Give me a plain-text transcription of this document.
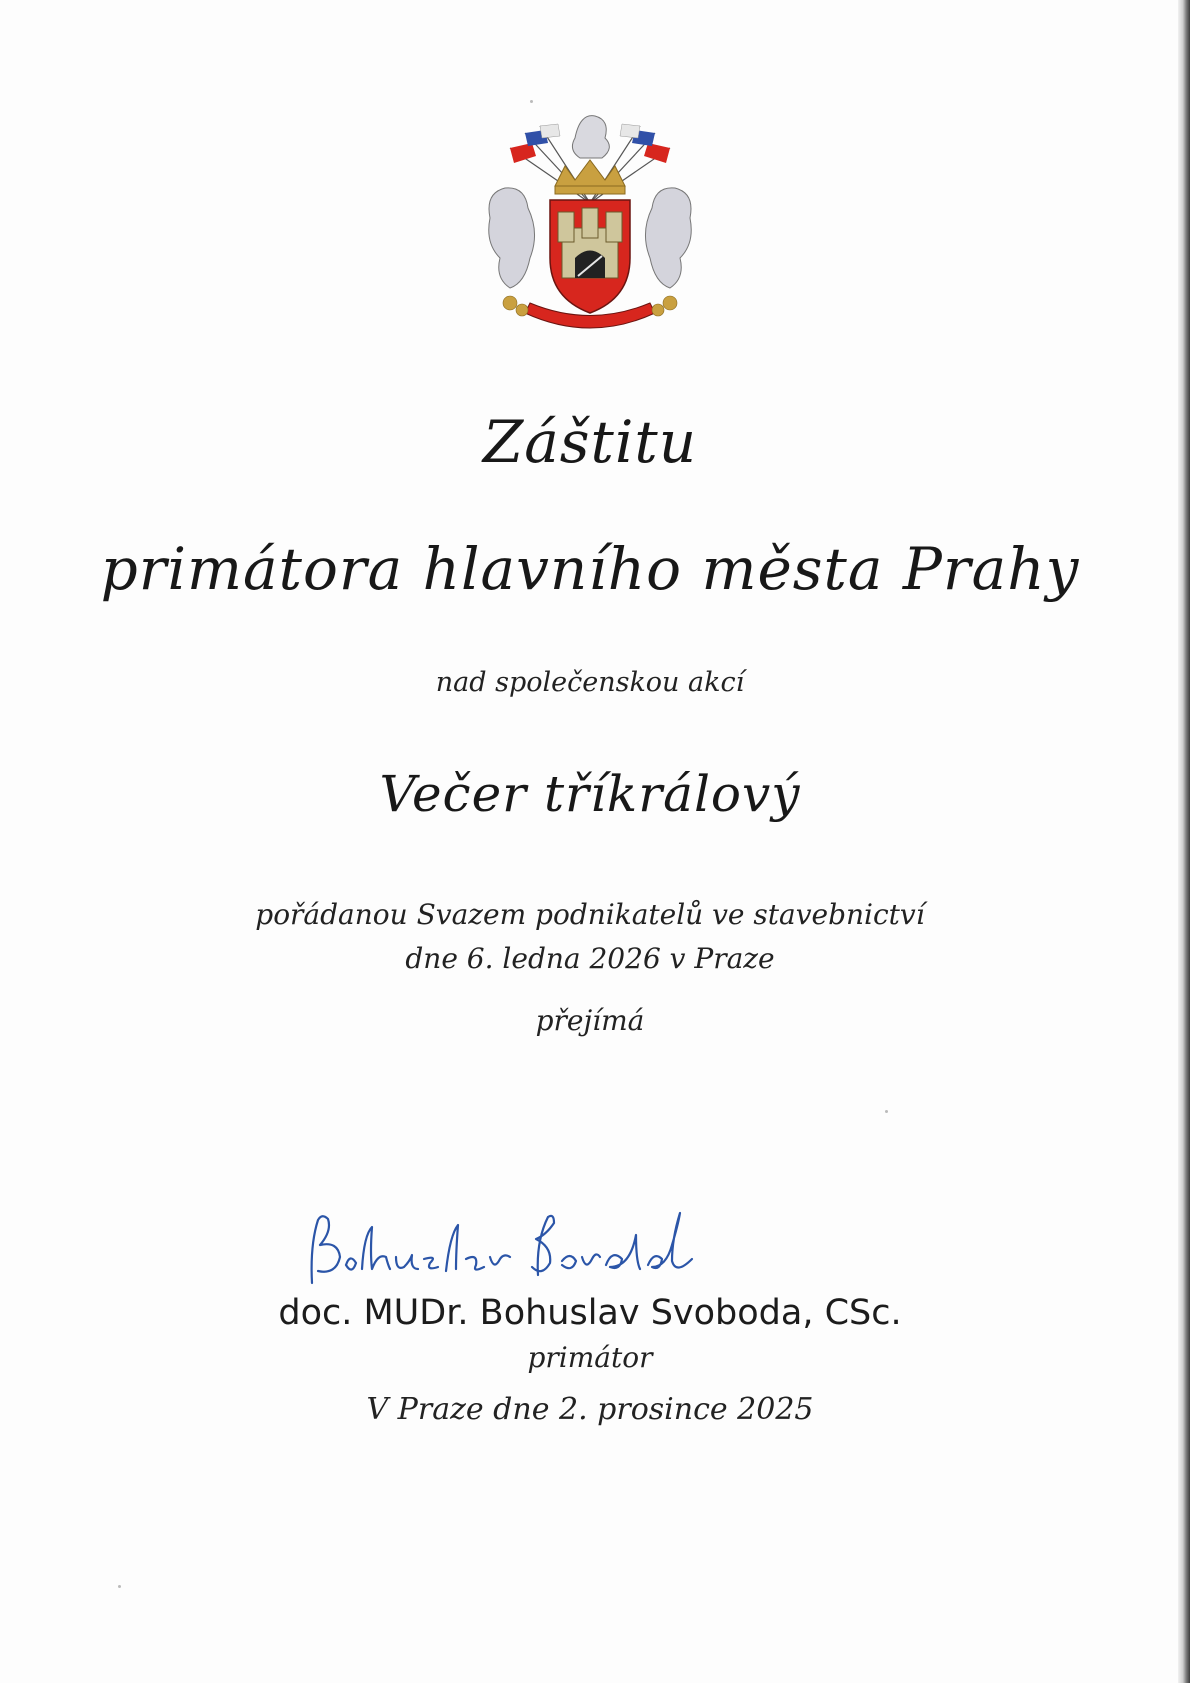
Záštitu
primátora hlavního města Prahy
nad společenskou akcí
Večer tříkrálový
pořádanou Svazem podnikatelů ve stavebnictví
dne 6. ledna 2026 v Praze
přejímá
doc. MUDr. Bohuslav Svoboda, CSc.
primátor
V Praze dne 2. prosince 2025
